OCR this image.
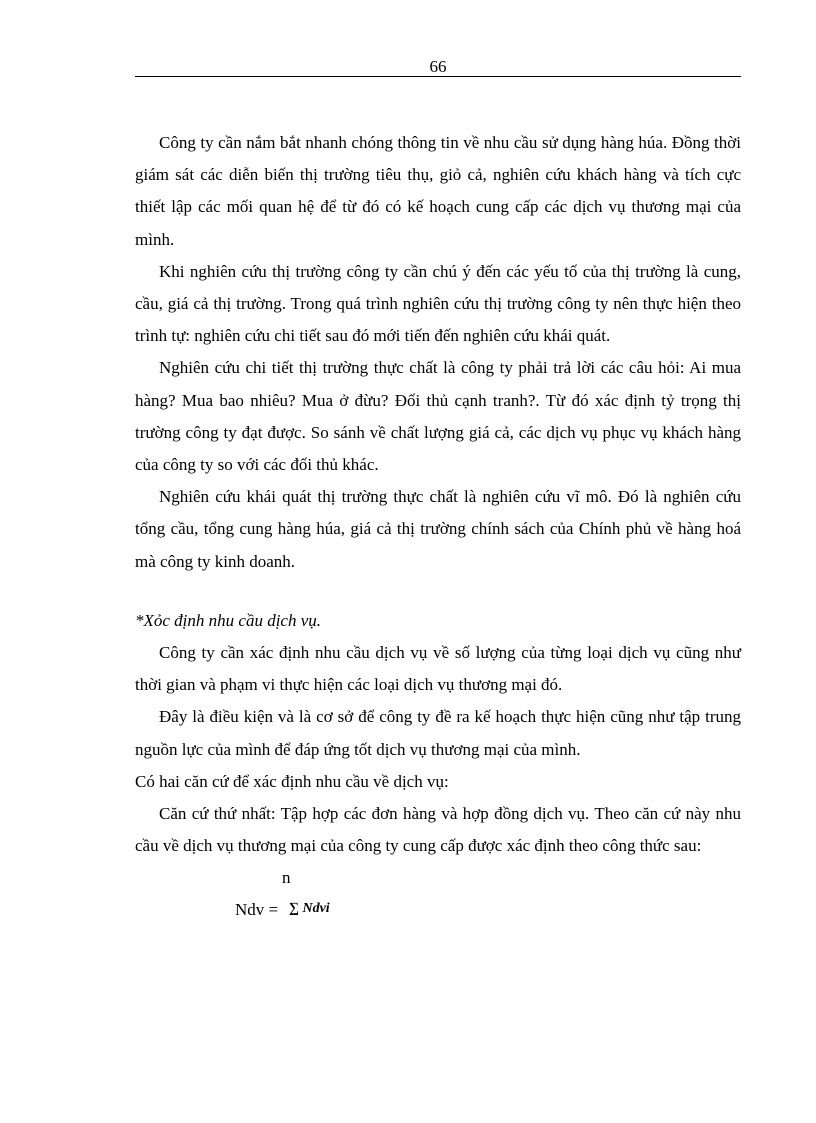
66

Công ty cần nắm bắt nhanh chóng thông tin về nhu cầu sử dụng hàng húa. Đồng thời giám sát các diễn biến thị trường tiêu thụ, giỏ cả, nghiên cứu khách hàng và tích cực thiết lập các mối quan hệ để từ đó có kế hoạch cung cấp các dịch vụ thương mại của mình.

Khi nghiên cứu thị trường công ty cần chú ý đến các yếu tố của thị trường là cung, cầu, giá cả thị trường. Trong quá trình nghiên cứu thị trường công ty nên thực hiện theo trình tự: nghiên cứu chi tiết sau đó mới tiến đến nghiên cứu khái quát.

Nghiên cứu chi tiết thị trường thực chất là công ty phải trả lời các câu hỏi: Ai mua hàng? Mua bao nhiêu? Mua ở đừu? Đối thủ cạnh tranh?. Từ đó xác định tỷ trọng thị trường công ty đạt được. So sánh về chất lượng giá cả, các dịch vụ phục vụ khách hàng của công ty so với các đối thủ khác.

Nghiên cứu khái quát thị trường thực chất là nghiên cứu vĩ mô. Đó là nghiên cứu tổng cầu, tổng cung hàng húa, giá cả thị trường chính sách của Chính phủ về hàng hoá mà công ty kinh doanh.

*Xỏc định nhu cầu dịch vụ.

Công ty cần xác định nhu cầu dịch vụ về số lượng của từng loại dịch vụ cũng như thời gian và phạm vi thực hiện các loại dịch vụ thương mại đó.

Đây là điều kiện và là cơ sở để công ty đề ra kế hoạch thực hiện cũng như tập trung nguồn lực của mình để đáp ứng tốt dịch vụ thương mại của mình.

Có hai căn cứ để xác định nhu cầu về dịch vụ:

Căn cứ thứ nhất: Tập hợp các đơn hàng và hợp đồng dịch vụ. Theo căn cứ này nhu cầu về dịch vụ thương mại của công ty cung cấp được xác định theo công thức sau:

n
Ndv = ∑ Ndvi
